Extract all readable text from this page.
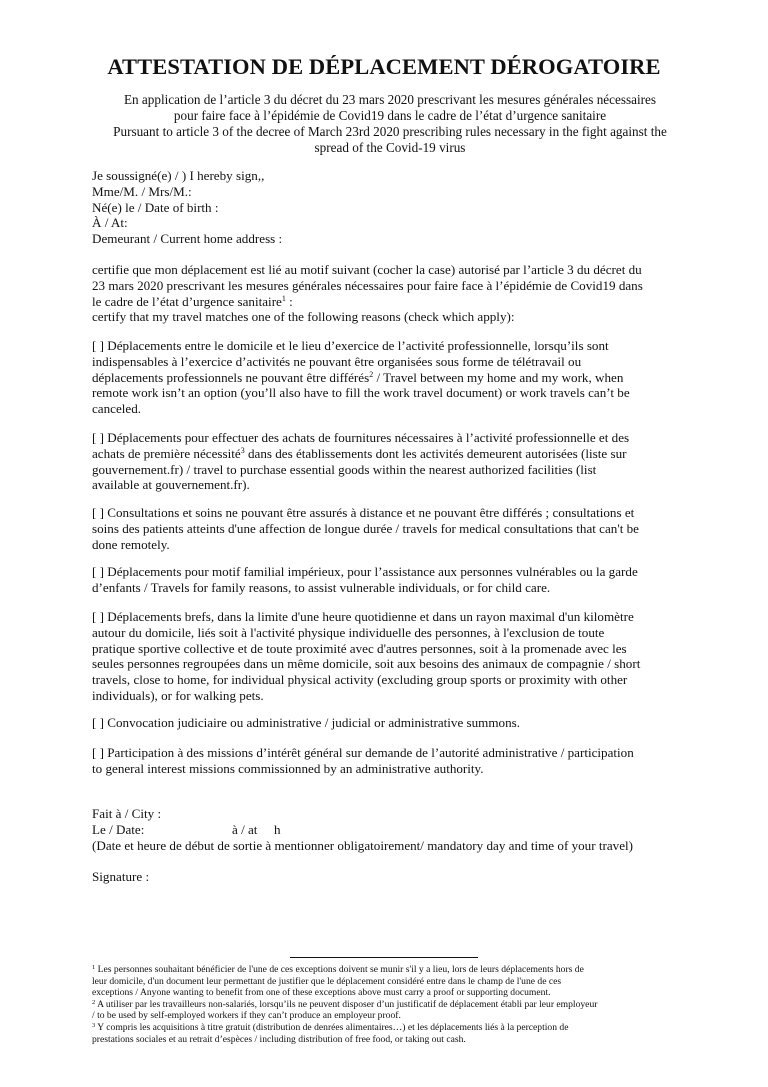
ATTESTATION DE DÉPLACEMENT DÉROGATOIRE
En application de l’article 3 du décret du 23 mars 2020 prescrivant les mesures générales nécessaires
pour faire face à l’épidémie de Covid19 dans le cadre de l’état d’urgence sanitaire
Pursuant to article 3 of the decree of March 23rd 2020 prescribing rules necessary in the fight against the
spread of the Covid-19 virus
Je soussigné(e) / ) I hereby sign,,
Mme/M. / Mrs/M.:
Né(e) le / Date of birth :
À / At:
Demeurant / Current home address :
certifie que mon déplacement est lié au motif suivant (cocher la case) autorisé par l’article 3 du décret du
23 mars 2020 prescrivant les mesures générales nécessaires pour faire face à l’épidémie de Covid19 dans
le cadre de l’état d’urgence sanitaire$^1$ :
certify that my travel matches one of the following reasons (check which apply):
[ ] Déplacements entre le domicile et le lieu d’exercice de l’activité professionnelle, lorsqu’ils sont
indispensables à l’exercice d’activités ne pouvant être organisées sous forme de télétravail ou
déplacements professionnels ne pouvant être différés$^2$ / Travel between my home and my work, when
remote work isn’t an option (you’ll also have to fill the work travel document) or work travels can’t be
canceled.
[ ] Déplacements pour effectuer des achats de fournitures nécessaires à l’activité professionnelle et des
achats de première nécessité$^3$ dans des établissements dont les activités demeurent autorisées (liste sur
gouvernement.fr) / travel to purchase essential goods within the nearest authorized facilities (list
available at gouvernement.fr).
[ ] Consultations et soins ne pouvant être assurés à distance et ne pouvant être différés ; consultations et
soins des patients atteints d'une affection de longue durée / travels for medical consultations that can't be
done remotely.
[ ] Déplacements pour motif familial impérieux, pour l’assistance aux personnes vulnérables ou la garde
d’enfants / Travels for family reasons, to assist vulnerable individuals, or for child care.
[ ] Déplacements brefs, dans la limite d'une heure quotidienne et dans un rayon maximal d'un kilomètre
autour du domicile, liés soit à l'activité physique individuelle des personnes, à l'exclusion de toute
pratique sportive collective et de toute proximité avec d'autres personnes, soit à la promenade avec les
seules personnes regroupées dans un même domicile, soit aux besoins des animaux de compagnie / short
travels, close to home, for individual physical activity (excluding group sports or proximity with other
individuals), or for walking pets.
[ ] Convocation judiciaire ou administrative / judicial or administrative summons.
[ ] Participation à des missions d’intérêt général sur demande de l’autorité administrative / participation
to general interest missions commissionned by an administrative authority.
Fait à / City :
Le / Date:	à / at h
(Date et heure de début de sortie à mentionner obligatoirement/ mandatory day and time of your travel)
Signature :
$^1$ Les personnes souhaitant bénéficier de l'une de ces exceptions doivent se munir s'il y a lieu, lors de leurs déplacements hors de
leur domicile, d'un document leur permettant de justifier que le déplacement considéré entre dans le champ de l'une de ces
exceptions / Anyone wanting to benefit from one of these exceptions above must carry a proof or supporting document.
$^2$ A utiliser par les travailleurs non-salariés, lorsqu’ils ne peuvent disposer d’un justificatif de déplacement établi par leur employeur
/ to be used by self-employed workers if they can’t produce an employeur proof.
$^3$ Y compris les acquisitions à titre gratuit (distribution de denrées alimentaires…) et les déplacements liés à la perception de
prestations sociales et au retrait d’espèces / including distribution of free food, or taking out cash.
